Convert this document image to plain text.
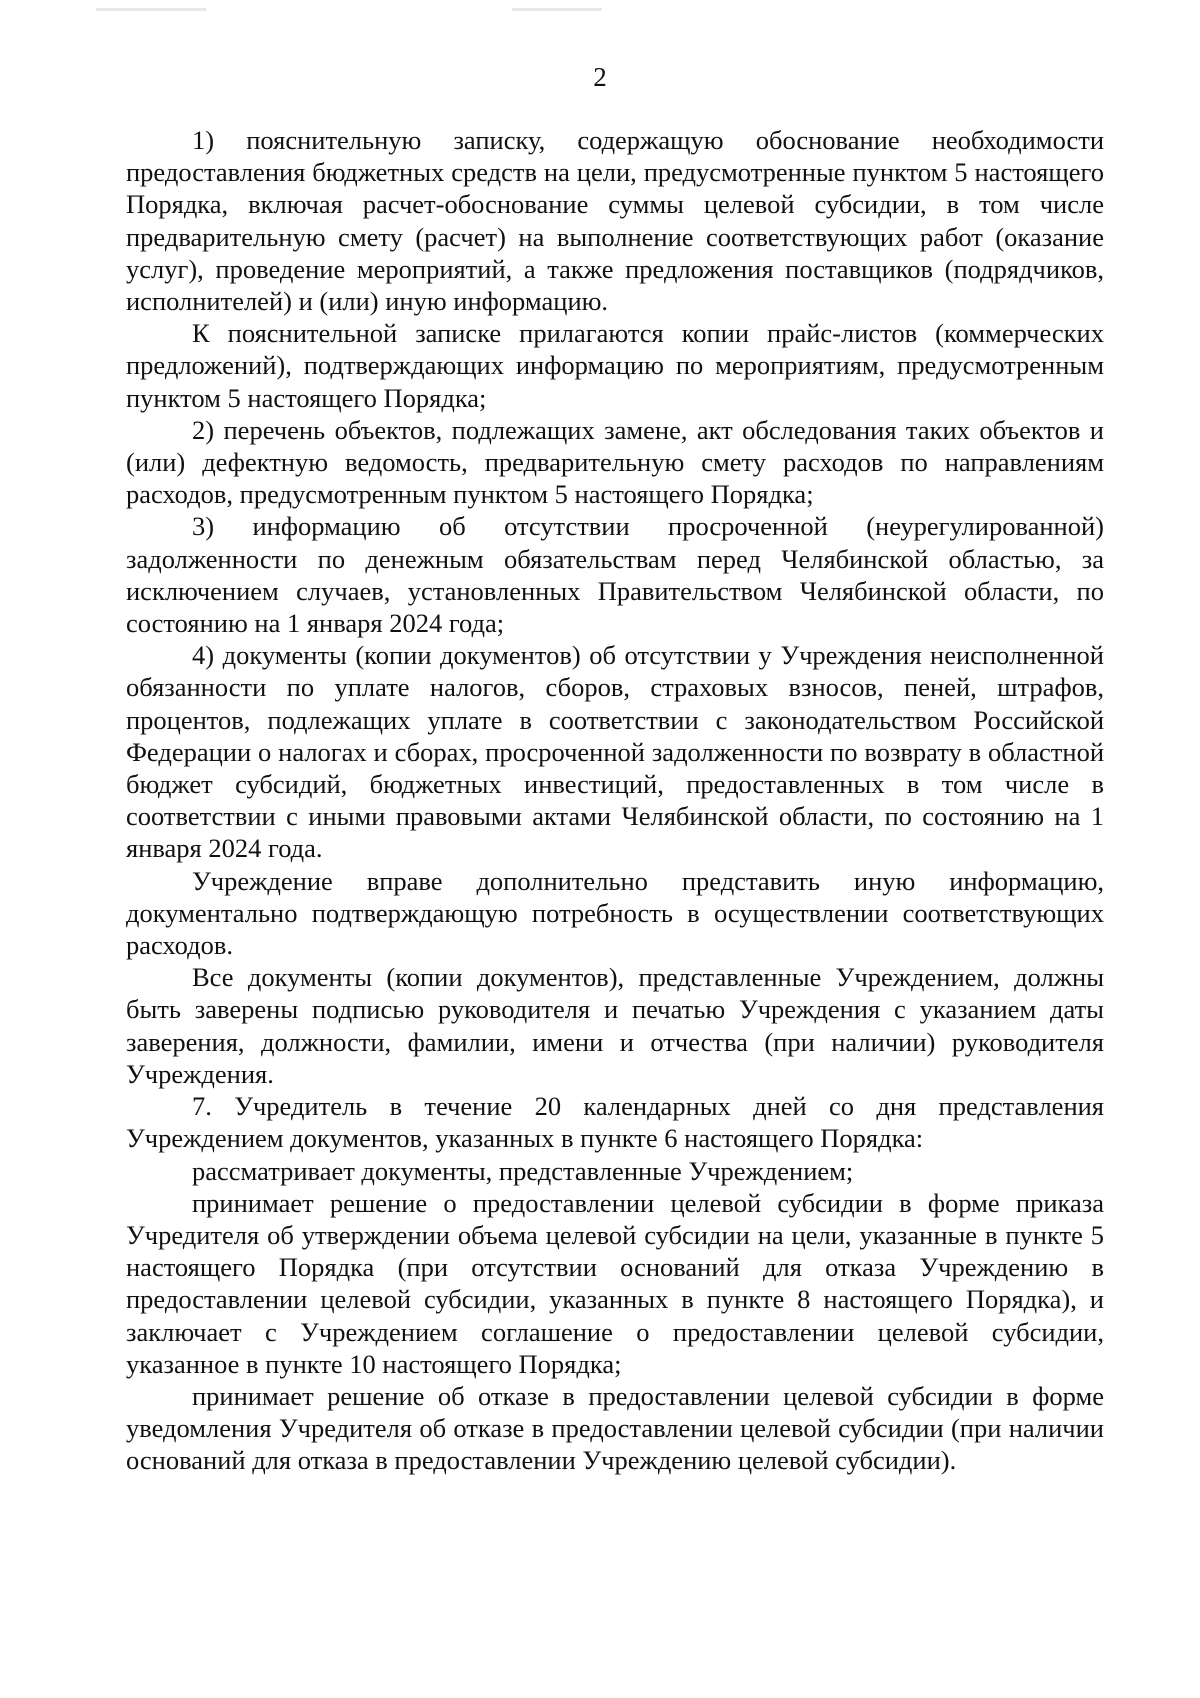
2

1) пояснительную записку, содержащую обоснование необходимости предоставления бюджетных средств на цели, предусмотренные пунктом 5 настоящего Порядка, включая расчет-обоснование суммы целевой субсидии, в том числе предварительную смету (расчет) на выполнение соответствующих работ (оказание услуг), проведение мероприятий, а также предложения поставщиков (подрядчиков, исполнителей) и (или) иную информацию.

К пояснительной записке прилагаются копии прайс-листов (коммерческих предложений), подтверждающих информацию по мероприятиям, предусмотренным пунктом 5 настоящего Порядка;

2) перечень объектов, подлежащих замене, акт обследования таких объектов и (или) дефектную ведомость, предварительную смету расходов по направлениям расходов, предусмотренным пунктом 5 настоящего Порядка;

3) информацию об отсутствии просроченной (неурегулированной) задолженности по денежным обязательствам перед Челябинской областью, за исключением случаев, установленных Правительством Челябинской области, по состоянию на 1 января 2024 года;

4) документы (копии документов) об отсутствии у Учреждения неисполненной обязанности по уплате налогов, сборов, страховых взносов, пеней, штрафов, процентов, подлежащих уплате в соответствии с законодательством Российской Федерации о налогах и сборах, просроченной задолженности по возврату в областной бюджет субсидий, бюджетных инвестиций, предоставленных в том числе в соответствии с иными правовыми актами Челябинской области, по состоянию на 1 января 2024 года.

Учреждение вправе дополнительно представить иную информацию, документально подтверждающую потребность в осуществлении соответствующих расходов.

Все документы (копии документов), представленные Учреждением, должны быть заверены подписью руководителя и печатью Учреждения с указанием даты заверения, должности, фамилии, имени и отчества (при наличии) руководителя Учреждения.

7. Учредитель в течение 20 календарных дней со дня представления Учреждением документов, указанных в пункте 6 настоящего Порядка:

рассматривает документы, представленные Учреждением;

принимает решение о предоставлении целевой субсидии в форме приказа Учредителя об утверждении объема целевой субсидии на цели, указанные в пункте 5 настоящего Порядка (при отсутствии оснований для отказа Учреждению в предоставлении целевой субсидии, указанных в пункте 8 настоящего Порядка), и заключает с Учреждением соглашение о предоставлении целевой субсидии, указанное в пункте 10 настоящего Порядка;

принимает решение об отказе в предоставлении целевой субсидии в форме уведомления Учредителя об отказе в предоставлении целевой субсидии (при наличии оснований для отказа в предоставлении Учреждению целевой субсидии).
